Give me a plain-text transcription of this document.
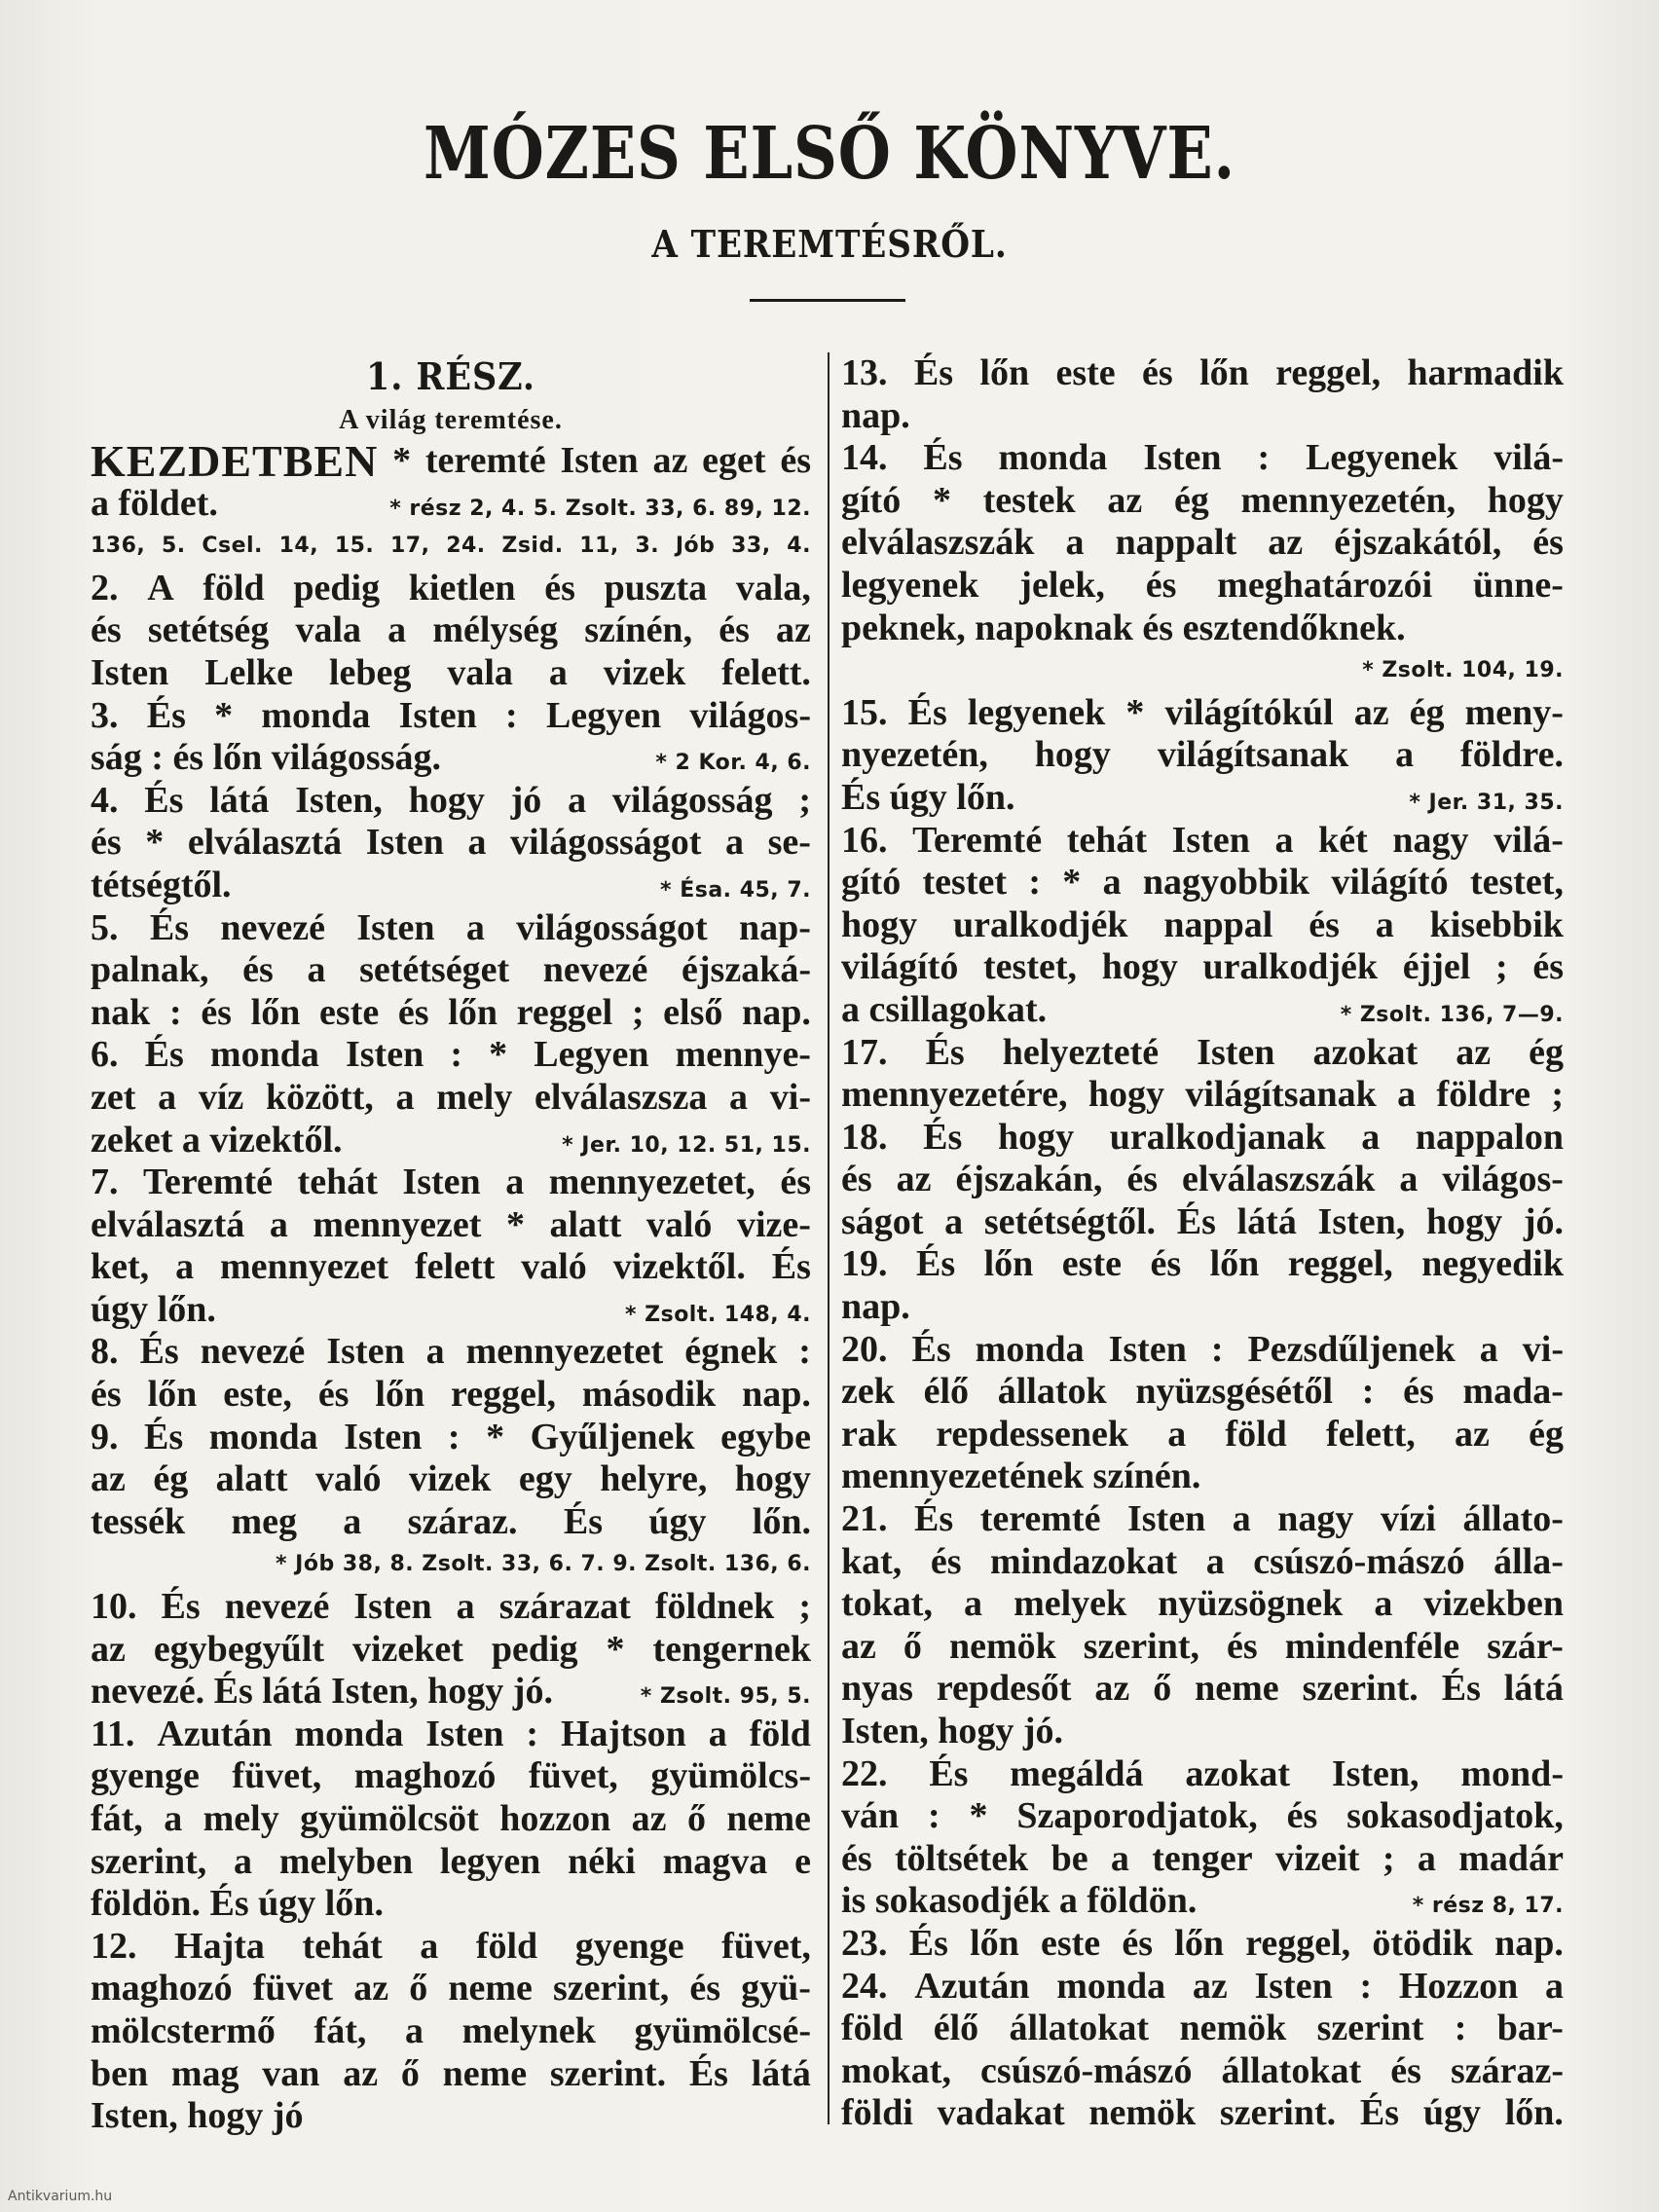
MÓZES ELSŐ KÖNYVE.
A TEREMTÉSRŐL.
1. RÉSZ.
A világ teremtése.
KEZDETBEN * teremté Isten az eget és
a földet.	* rész 2, 4. 5. Zsolt. 33, 6. 89, 12.
136, 5. Csel. 14, 15. 17, 24. Zsid. 11, 3. Jób 33, 4.
2. A föld pedig kietlen és puszta vala,
és setétség vala a mélység színén, és az
Isten Lelke lebeg vala a vizek felett.
3. És * monda Isten : Legyen világos-
ság : és lőn világosság.	* 2 Kor. 4, 6.
4. És látá Isten, hogy jó a világosság ;
és * elválasztá Isten a világosságot a se-
tétségtől.	* Ésa. 45, 7.
5. És nevezé Isten a világosságot nap-
palnak, és a setétséget nevezé éjszaká-
nak : és lőn este és lőn reggel ; első nap.
6. És monda Isten : * Legyen mennye-
zet a víz között, a mely elválaszsza a vi-
zeket a vizektől.	* Jer. 10, 12. 51, 15.
7. Teremté tehát Isten a mennyezetet, és
elválasztá a mennyezet * alatt való vize-
ket, a mennyezet felett való vizektől. És
úgy lőn.	* Zsolt. 148, 4.
8. És nevezé Isten a mennyezetet égnek :
és lőn este, és lőn reggel, második nap.
9. És monda Isten : * Gyűljenek egybe
az ég alatt való vizek egy helyre, hogy
tessék meg a száraz. És úgy lőn.
* Jób 38, 8. Zsolt. 33, 6. 7. 9. Zsolt. 136, 6.
10. És nevezé Isten a szárazat földnek ;
az egybegyűlt vizeket pedig * tengernek
nevezé. És látá Isten, hogy jó.	* Zsolt. 95, 5.
11. Azután monda Isten : Hajtson a föld
gyenge füvet, maghozó füvet, gyümölcs-
fát, a mely gyümölcsöt hozzon az ő neme
szerint, a melyben legyen néki magva e
földön. És úgy lőn.
12. Hajta tehát a föld gyenge füvet,
maghozó füvet az ő neme szerint, és gyü-
mölcstermő fát, a melynek gyümölcsé-
ben mag van az ő neme szerint. És látá
Isten, hogy jó
13. És lőn este és lőn reggel, harmadik
nap.
14. És monda Isten : Legyenek vilá-
gító * testek az ég mennyezetén, hogy
elválaszszák a nappalt az éjszakától, és
legyenek jelek, és meghatározói ünne-
peknek, napoknak és esztendőknek.
* Zsolt. 104, 19.
15. És legyenek * világítókúl az ég meny-
nyezetén, hogy világítsanak a földre.
És úgy lőn.	* Jer. 31, 35.
16. Teremté tehát Isten a két nagy vilá-
gító testet : * a nagyobbik világító testet,
hogy uralkodjék nappal és a kisebbik
világító testet, hogy uralkodjék éjjel ; és
a csillagokat.	* Zsolt. 136, 7—9.
17. És helyezteté Isten azokat az ég
mennyezetére, hogy világítsanak a földre ;
18. És hogy uralkodjanak a nappalon
és az éjszakán, és elválaszszák a világos-
ságot a setétségtől. És látá Isten, hogy jó.
19. És lőn este és lőn reggel, negyedik
nap.
20. És monda Isten : Pezsdűljenek a vi-
zek élő állatok nyüzsgésétől : és mada-
rak repdessenek a föld felett, az ég
mennyezetének színén.
21. És teremté Isten a nagy vízi állato-
kat, és mindazokat a csúszó-mászó álla-
tokat, a melyek nyüzsögnek a vizekben
az ő nemök szerint, és mindenféle szár-
nyas repdesőt az ő neme szerint. És látá
Isten, hogy jó.
22. És megáldá azokat Isten, mond-
ván : * Szaporodjatok, és sokasodjatok,
és töltsétek be a tenger vizeit ; a madár
is sokasodjék a földön.	* rész 8, 17.
23. És lőn este és lőn reggel, ötödik nap.
24. Azután monda az Isten : Hozzon a
föld élő állatokat nemök szerint : bar-
mokat, csúszó-mászó állatokat és száraz-
földi vadakat nemök szerint. És úgy lőn.
Antikvarium.hu
